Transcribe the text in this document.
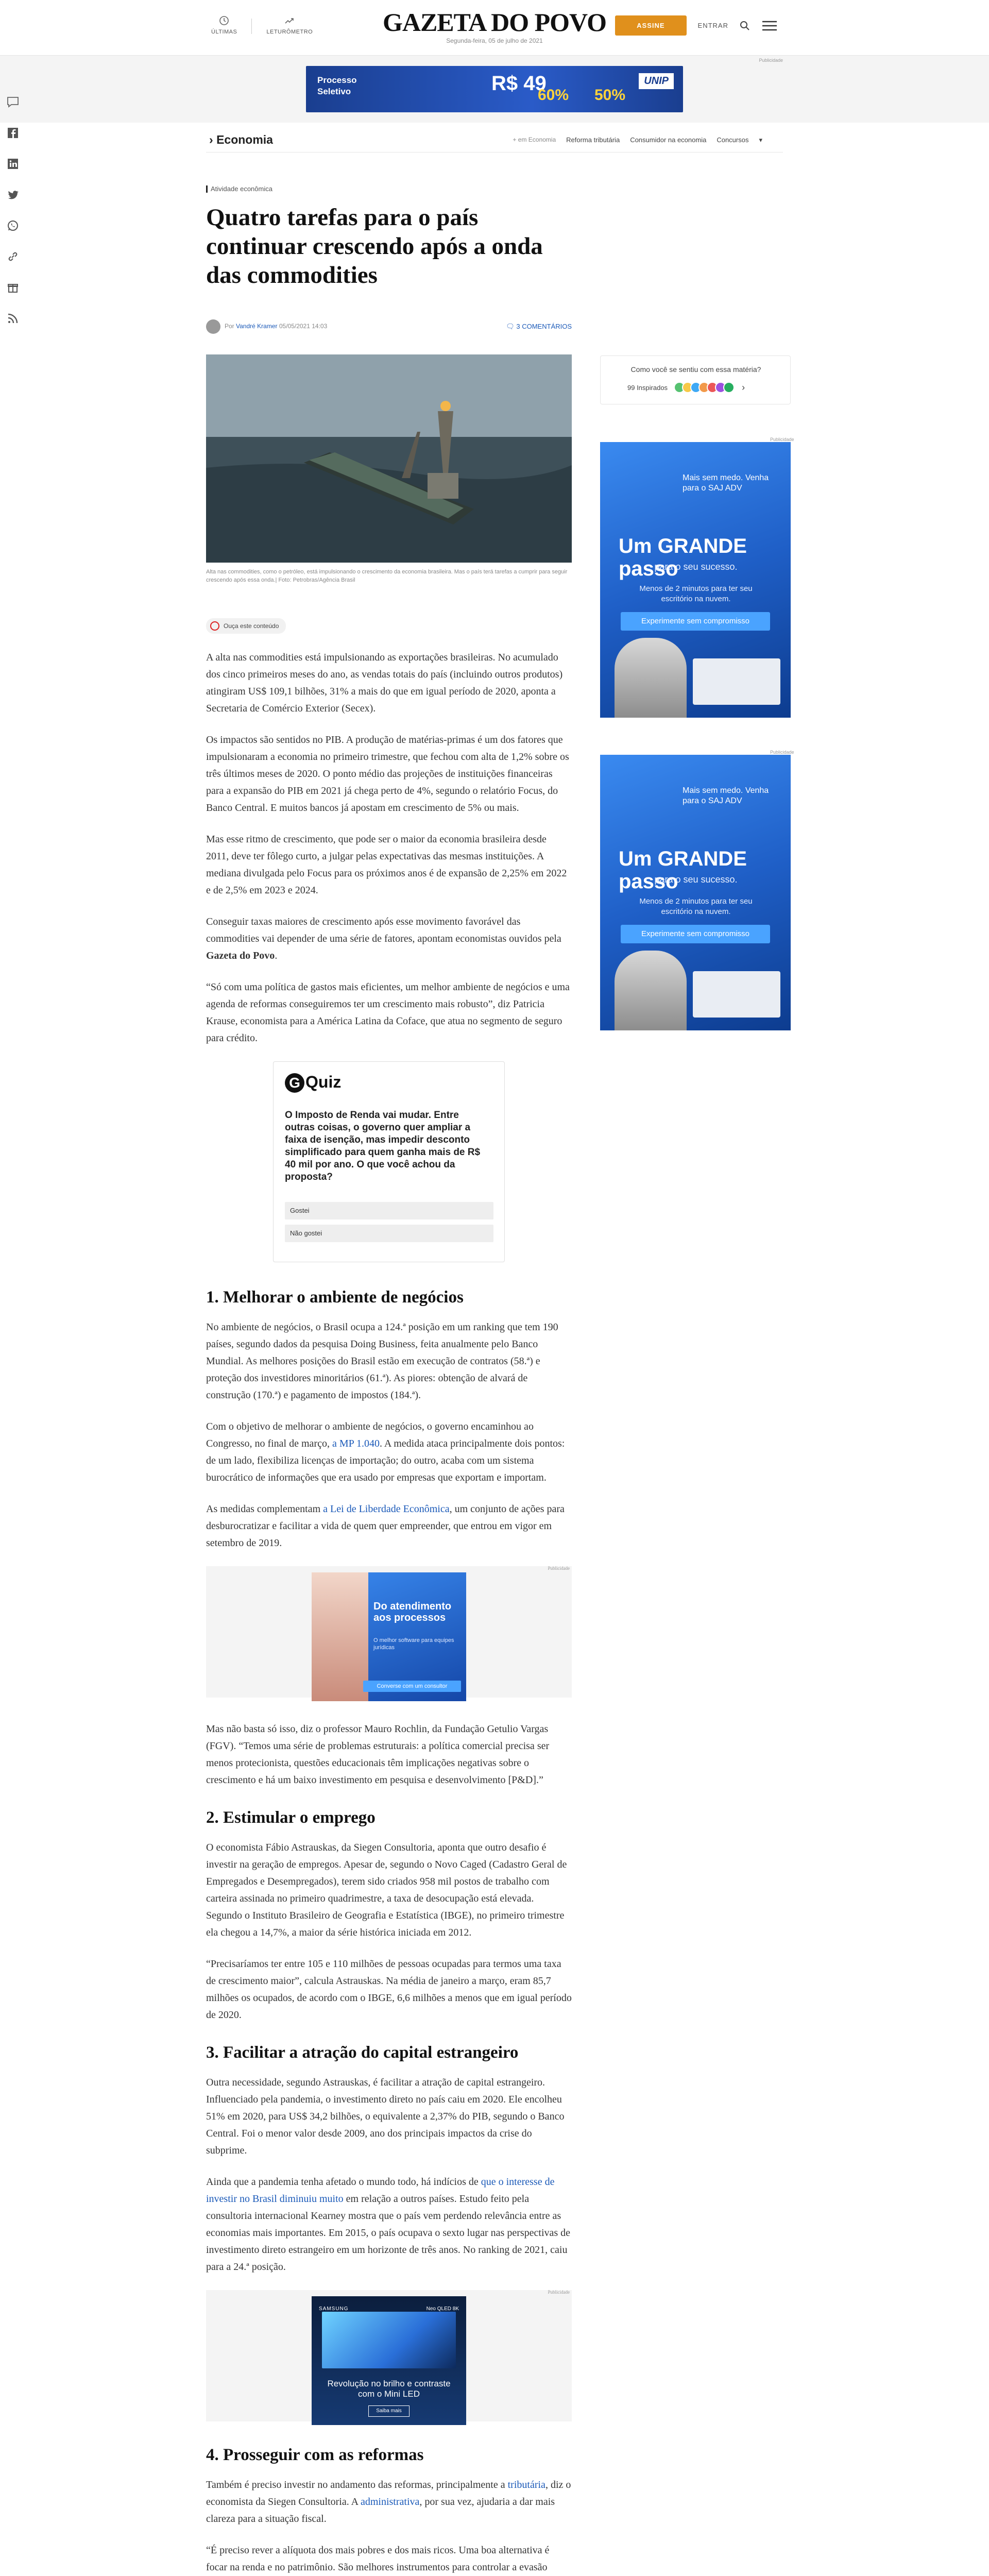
ÚLTIMAS	LETURÔMETRO	GAZETA DO POVO
Segunda-feira, 05 de julho de 2021
ASSINE	ENTRAR
Publicidade
Processo
Seletivo	R$ 49
60% 50%
UNIP
› Economia	+ em Economia Reforma tributária Consumidor na economia Concursos ▾
Atividade econômica
Quatro tarefas para o país continuar crescendo após a onda das commodities
Por Vandré Kramer 05/05/2021 14:03	🗨 3 COMENTÁRIOS
Alta nas commodities, como o petróleo, está impulsionando o crescimento da economia brasileira. Mas o país terá tarefas a cumprir para seguir crescendo após essa onda.| Foto: Petrobras/Agência Brasil
Ouça este conteúdo

A alta nas commodities está impulsionando as exportações brasileiras. No acumulado dos cinco primeiros meses do ano, as vendas totais do país (incluindo outros produtos) atingiram US$ 109,1 bilhões, 31% a mais do que em igual período de 2020, aponta a Secretaria de Comércio Exterior (Secex).

Os impactos são sentidos no PIB. A produção de matérias-primas é um dos fatores que impulsionaram a economia no primeiro trimestre, que fechou com alta de 1,2% sobre os três últimos meses de 2020. O ponto médio das projeções de instituições financeiras para a expansão do PIB em 2021 já chega perto de 4%, segundo o relatório Focus, do Banco Central. E muitos bancos já apostam em crescimento de 5% ou mais.

Mas esse ritmo de crescimento, que pode ser o maior da economia brasileira desde 2011, deve ter fôlego curto, a julgar pelas expectativas das mesmas instituições. A mediana divulgada pelo Focus para os próximos anos é de expansão de 2,25% em 2022 e de 2,5% em 2023 e 2024.

Conseguir taxas maiores de crescimento após esse movimento favorável das commodities vai depender de uma série de fatores, apontam economistas ouvidos pela Gazeta do Povo.

“Só com uma política de gastos mais eficientes, um melhor ambiente de negócios e uma agenda de reformas conseguiremos ter um crescimento mais robusto”, diz Patricia Krause, economista para a América Latina da Coface, que atua no segmento de seguro para crédito.

G Quiz
O Imposto de Renda vai mudar. Entre outras coisas, o governo quer ampliar a faixa de isenção, mas impedir desconto simplificado para quem ganha mais de R$ 40 mil por ano. O que você achou da proposta?
Gostei
Não gostei
1. Melhorar o ambiente de negócios

No ambiente de negócios, o Brasil ocupa a 124.ª posição em um ranking que tem 190 países, segundo dados da pesquisa Doing Business, feita anualmente pelo Banco Mundial. As melhores posições do Brasil estão em execução de contratos (58.ª) e proteção dos investidores minoritários (61.ª). As piores: obtenção de alvará de construção (170.ª) e pagamento de impostos (184.ª).

Com o objetivo de melhorar o ambiente de negócios, o governo encaminhou ao Congresso, no final de março, a MP 1.040. A medida ataca principalmente dois pontos: de um lado, flexibiliza licenças de importação; do outro, acaba com um sistema burocrático de informações que era usado por empresas que exportam e importam.

As medidas complementam a Lei de Liberdade Econômica, um conjunto de ações para desburocratizar e facilitar a vida de quem quer empreender, que entrou em vigor em setembro de 2019.

Publicidade
Do atendimento aos processos
O melhor software para equipes jurídicas
Converse com um consultor

Mas não basta só isso, diz o professor Mauro Rochlin, da Fundação Getulio Vargas (FGV). “Temos uma série de problemas estruturais: a política comercial precisa ser menos protecionista, questões educacionais têm implicações negativas sobre o crescimento e há um baixo investimento em pesquisa e desenvolvimento [P&D].”

2. Estimular o emprego

O economista Fábio Astrauskas, da Siegen Consultoria, aponta que outro desafio é investir na geração de empregos. Apesar de, segundo o Novo Caged (Cadastro Geral de Empregados e Desempregados), terem sido criados 958 mil postos de trabalho com carteira assinada no primeiro quadrimestre, a taxa de desocupação está elevada. Segundo o Instituto Brasileiro de Geografia e Estatística (IBGE), no primeiro trimestre ela chegou a 14,7%, a maior da série histórica iniciada em 2012.

“Precisaríamos ter entre 105 e 110 milhões de pessoas ocupadas para termos uma taxa de crescimento maior”, calcula Astrauskas. Na média de janeiro a março, eram 85,7 milhões os ocupados, de acordo com o IBGE, 6,6 milhões a menos que em igual período de 2020.

3. Facilitar a atração do capital estrangeiro

Outra necessidade, segundo Astrauskas, é facilitar a atração de capital estrangeiro. Influenciado pela pandemia, o investimento direto no país caiu em 2020. Ele encolheu 51% em 2020, para US$ 34,2 bilhões, o equivalente a 2,37% do PIB, segundo o Banco Central. Foi o menor valor desde 2009, ano dos principais impactos da crise do subprime.

Ainda que a pandemia tenha afetado o mundo todo, há indícios de que o interesse de investir no Brasil diminuiu muito em relação a outros países. Estudo feito pela consultoria internacional Kearney mostra que o país vem perdendo relevância entre as economias mais importantes. Em 2015, o país ocupava o sexto lugar nas perspectivas de investimento direto estrangeiro em um horizonte de três anos. No ranking de 2021, caiu para a 24.ª posição.

Publicidade
SAMSUNG	Neo QLED 8K
Revolução no brilho e contraste com o Mini LED
Saiba mais
4. Prosseguir com as reformas

Também é preciso investir no andamento das reformas, principalmente a tributária, diz o economista da Siegen Consultoria. A administrativa, por sua vez, ajudaria a dar mais clareza para a situação fiscal.

“É preciso rever a alíquota dos mais pobres e dos mais ricos. Uma boa alternativa é focar na renda e no patrimônio. São melhores instrumentos para controlar a evasão

Como você se sentiu com essa matéria?
99 Inspirados	›
Publicidade
Mais sem medo. Venha para o SAJ ADV
Um GRANDE passo
para o seu sucesso.
Menos de 2 minutos para ter seu escritório na nuvem.
Experimente sem compromisso
Publicidade
Mais sem medo. Venha para o SAJ ADV
Um GRANDE passo
para o seu sucesso.
Menos de 2 minutos para ter seu escritório na nuvem.
Experimente sem compromisso
